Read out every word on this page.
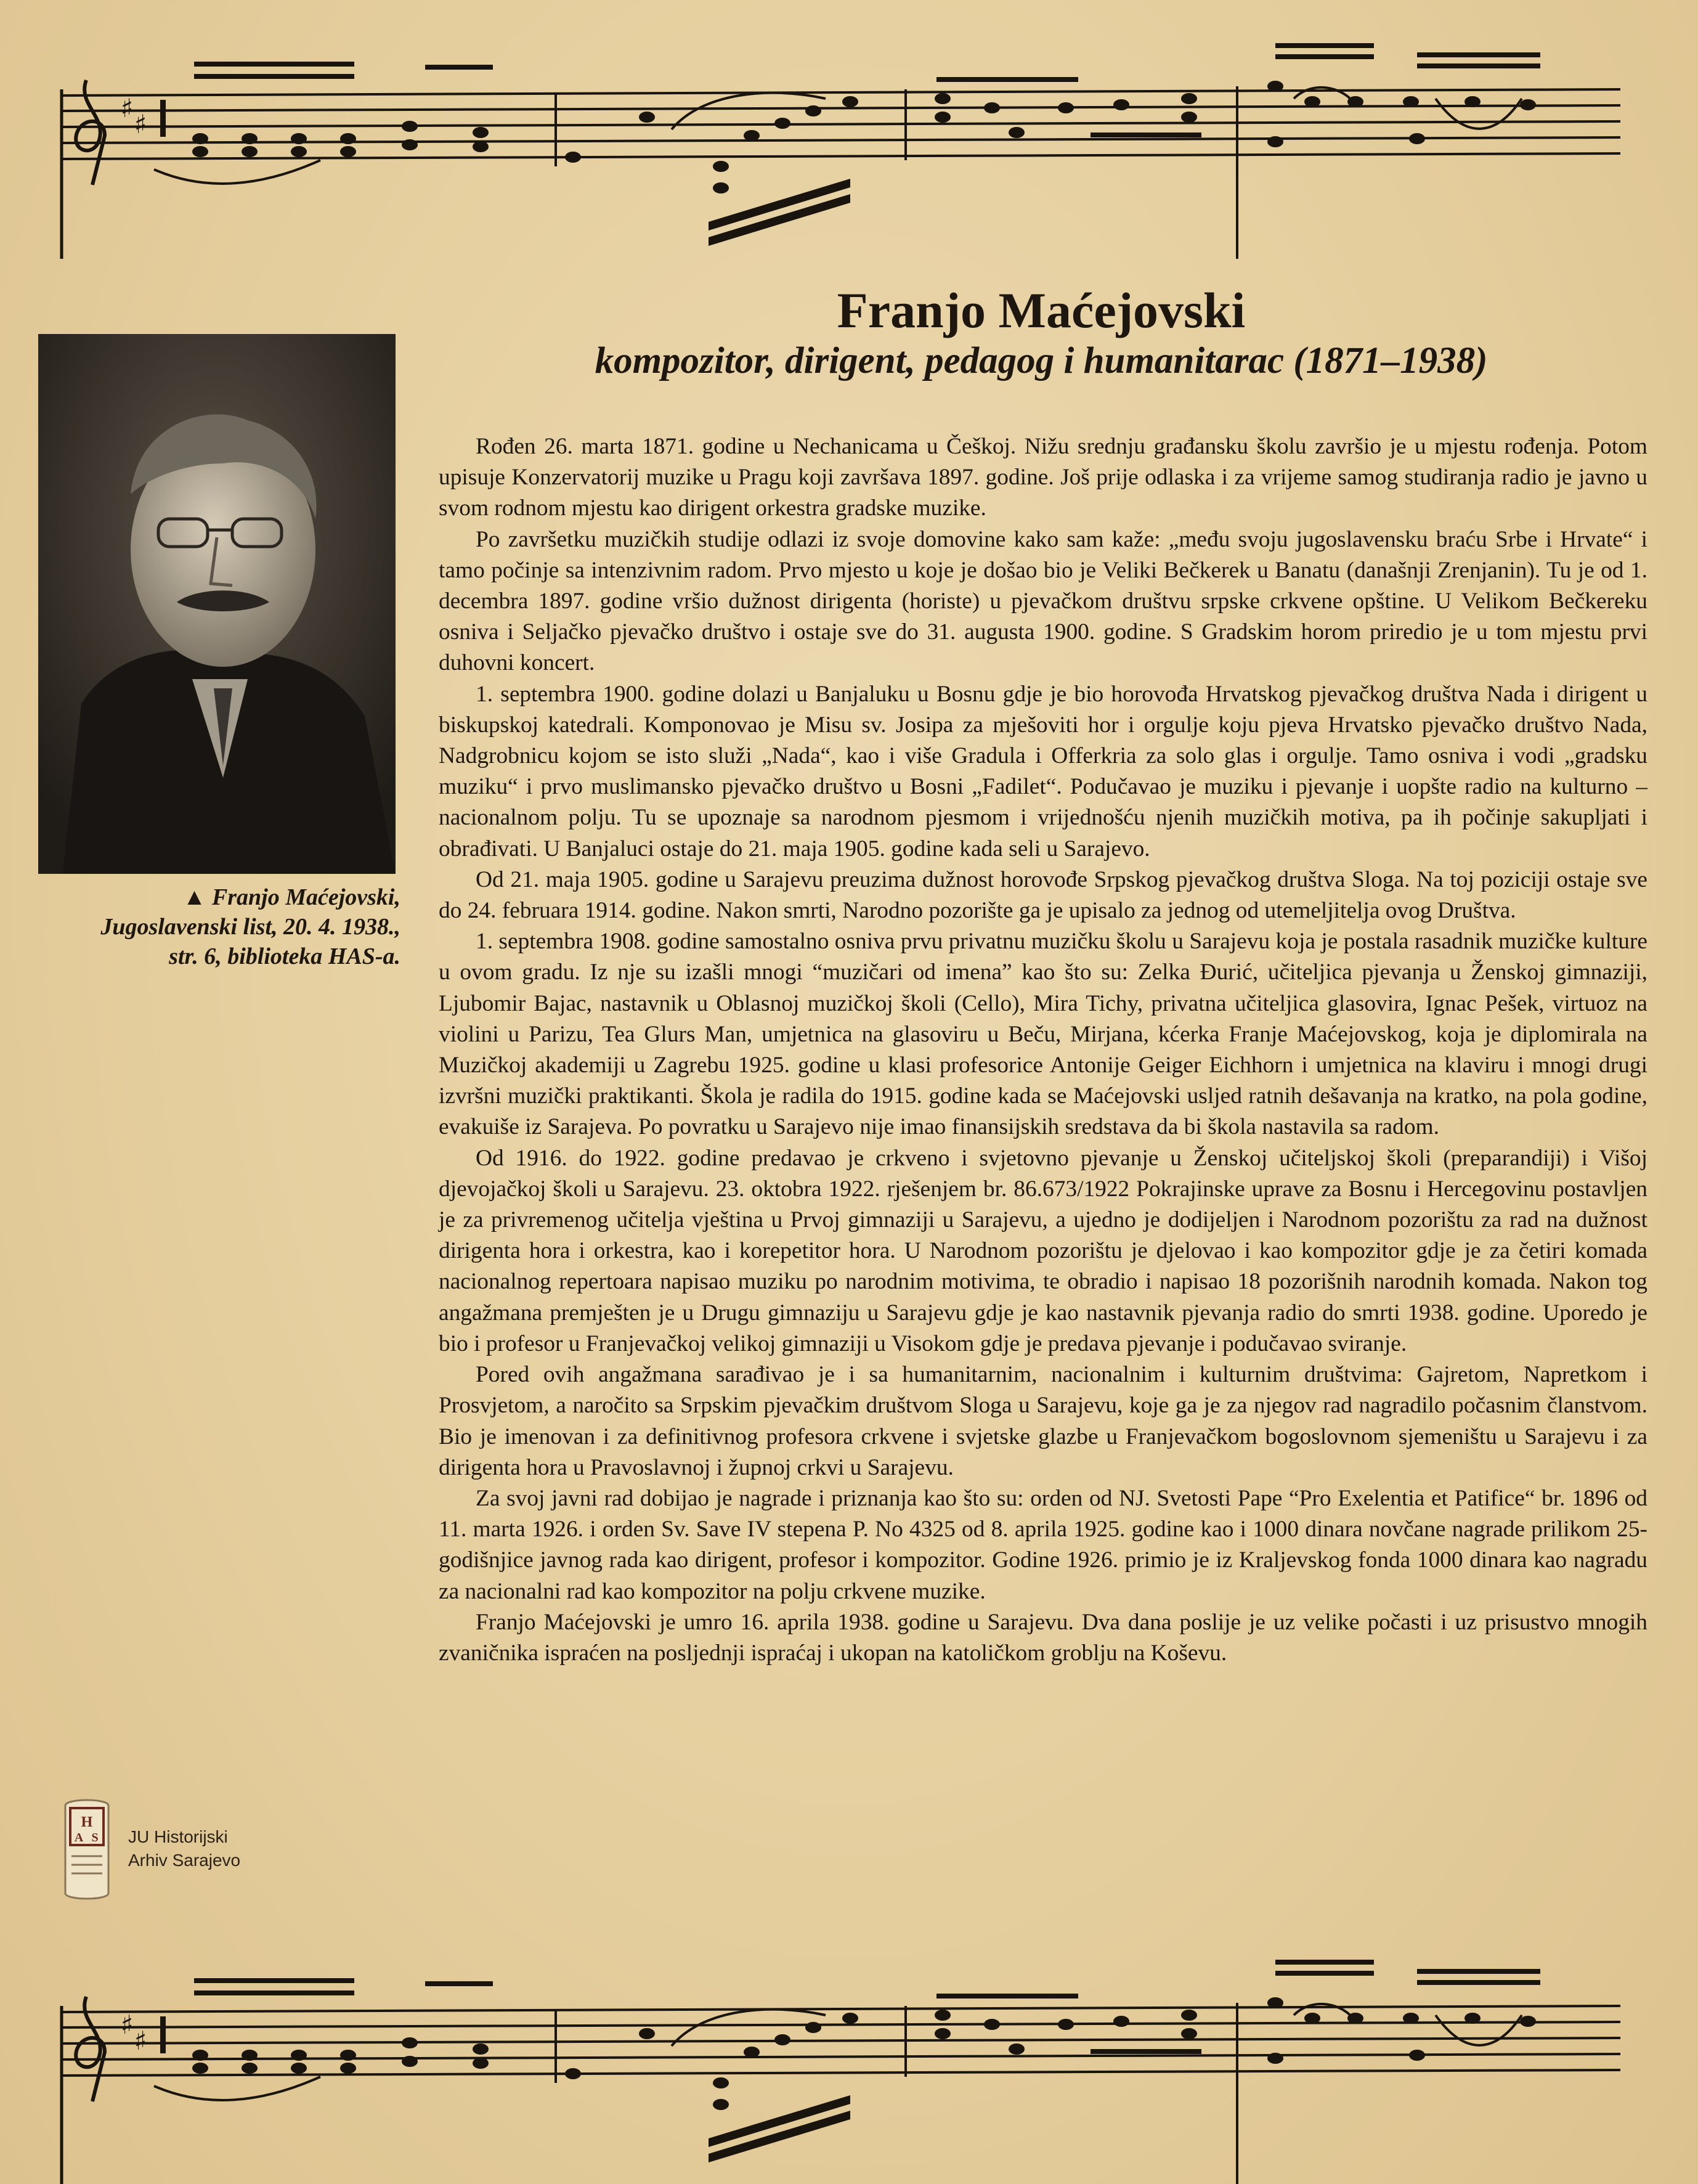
♯
♯
Franjo Maćejovski
kompozitor, dirigent, pedagog i humanitarac (1871–1938)
▲ Franjo Maćejovski,
Jugoslavenski list, 20. 4. 1938.,
str. 6, biblioteka HAS-a.

Rođen 26. marta 1871. godine u Nechanicama u Češkoj. Nižu srednju građansku školu završio je u mjestu rođenja. Potom upisuje Konzervatorij muzike u Pragu koji završava 1897. godine. Još prije odlaska i za vrijeme samog studiranja radio je javno u svom rodnom mjestu kao dirigent orkestra gradske muzike.

Po završetku muzičkih studije odlazi iz svoje domovine kako sam kaže: „među svoju jugoslavensku braću Srbe i Hrvate“ i tamo počinje sa intenzivnim radom. Prvo mjesto u koje je došao bio je Veliki Bečkerek u Banatu (današnji Zrenjanin). Tu je od 1. decembra 1897. godine vršio dužnost dirigenta (horiste) u pjevačkom društvu srpske crkvene opštine. U Velikom Bečkereku osniva i Seljačko pjevačko društvo i ostaje sve do 31. augusta 1900. godine. S Gradskim horom priredio je u tom mjestu prvi duhovni koncert.

1. septembra 1900. godine dolazi u Banjaluku u Bosnu gdje je bio horovođa Hrvatskog pjevačkog društva Nada i dirigent u biskupskoj katedrali. Komponovao je Misu sv. Josipa za mješoviti hor i orgulje koju pjeva Hrvatsko pjevačko društvo Nada, Nadgrobnicu kojom se isto služi „Nada“, kao i više Gradula i Offerkria za solo glas i orgulje. Tamo osniva i vodi „gradsku muziku“ i prvo muslimansko pjevačko društvo u Bosni „Fadilet“. Podučavao je muziku i pjevanje i uopšte radio na kulturno – nacionalnom polju. Tu se upoznaje sa narodnom pjesmom i vrijednošću njenih muzičkih motiva, pa ih počinje sakupljati i obrađivati. U Banjaluci ostaje do 21. maja 1905. godine kada seli u Sarajevo.

Od 21. maja 1905. godine u Sarajevu preuzima dužnost horovođe Srpskog pjevačkog društva Sloga. Na toj poziciji ostaje sve do 24. februara 1914. godine. Nakon smrti, Narodno pozorište ga je upisalo za jednog od utemeljitelja ovog Društva.

1. septembra 1908. godine samostalno osniva prvu privatnu muzičku školu u Sarajevu koja je postala rasadnik muzičke kulture u ovom gradu. Iz nje su izašli mnogi “muzičari od imena” kao što su: Zelka Đurić, učiteljica pjevanja u Ženskoj gimnaziji, Ljubomir Bajac, nastavnik u Oblasnoj muzičkoj školi (Cello), Mira Tichy, privatna učiteljica glasovira, Ignac Pešek, virtuoz na violini u Parizu, Tea Glurs Man, umjetnica na glasoviru u Beču, Mirjana, kćerka Franje Maćejovskog, koja je diplomirala na Muzičkoj akademiji u Zagrebu 1925. godine u klasi profesorice Antonije Geiger Eichhorn i umjetnica na klaviru i mnogi drugi izvršni muzički praktikanti. Škola je radila do 1915. godine kada se Maćejovski usljed ratnih dešavanja na kratko, na pola godine, evakuiše iz Sarajeva. Po povratku u Sarajevo nije imao finansijskih sredstava da bi škola nastavila sa radom.

Od 1916. do 1922. godine predavao je crkveno i svjetovno pjevanje u Ženskoj učiteljskoj školi (preparandiji) i Višoj djevojačkoj školi u Sarajevu. 23. oktobra 1922. rješenjem br. 86.673/1922 Pokrajinske uprave za Bosnu i Hercegovinu postavljen je za privremenog učitelja vještina u Prvoj gimnaziji u Sarajevu, a ujedno je dodijeljen i Narodnom pozorištu za rad na dužnost dirigenta hora i orkestra, kao i korepetitor hora. U Narodnom pozorištu je djelovao i kao kompozitor gdje je za četiri komada nacionalnog repertoara napisao muziku po narodnim motivima, te obradio i napisao 18 pozorišnih narodnih komada. Nakon tog angažmana premješten je u Drugu gimnaziju u Sarajevu gdje je kao nastavnik pjevanja radio do smrti 1938. godine. Uporedo je bio i profesor u Franjevačkoj velikoj gimnaziji u Visokom gdje je predava pjevanje i podučavao sviranje.

Pored ovih angažmana sarađivao je i sa humanitarnim, nacionalnim i kulturnim društvima: Gajretom, Napretkom i Prosvjetom, a naročito sa Srpskim pjevačkim društvom Sloga u Sarajevu, koje ga je za njegov rad nagradilo počasnim članstvom. Bio je imenovan i za definitivnog profesora crkvene i svjetske glazbe u Franjevačkom bogoslovnom sjemeništu u Sarajevu i za dirigenta hora u Pravoslavnoj i župnoj crkvi u Sarajevu.

Za svoj javni rad dobijao je nagrade i priznanja kao što su: orden od NJ. Svetosti Pape “Pro Exelentia et Patifice“ br. 1896 od 11. marta 1926. i orden Sv. Save IV stepena P. No 4325 od 8. aprila 1925. godine kao i 1000 dinara novčane nagrade prilikom 25-godišnjice javnog rada kao dirigent, profesor i kompozitor. Godine 1926. primio je iz Kraljevskog fonda 1000 dinara kao nagradu za nacionalni rad kao kompozitor na polju crkvene muzike.

Franjo Maćejovski je umro 16. aprila 1938. godine u Sarajevu. Dva dana poslije je uz velike počasti i uz prisustvo mnogih zvaničnika ispraćen na posljednji ispraćaj i ukopan na katoličkom groblju na Koševu.

H
A S JU Historijski
Arhiv Sarajevo
♯
♯
